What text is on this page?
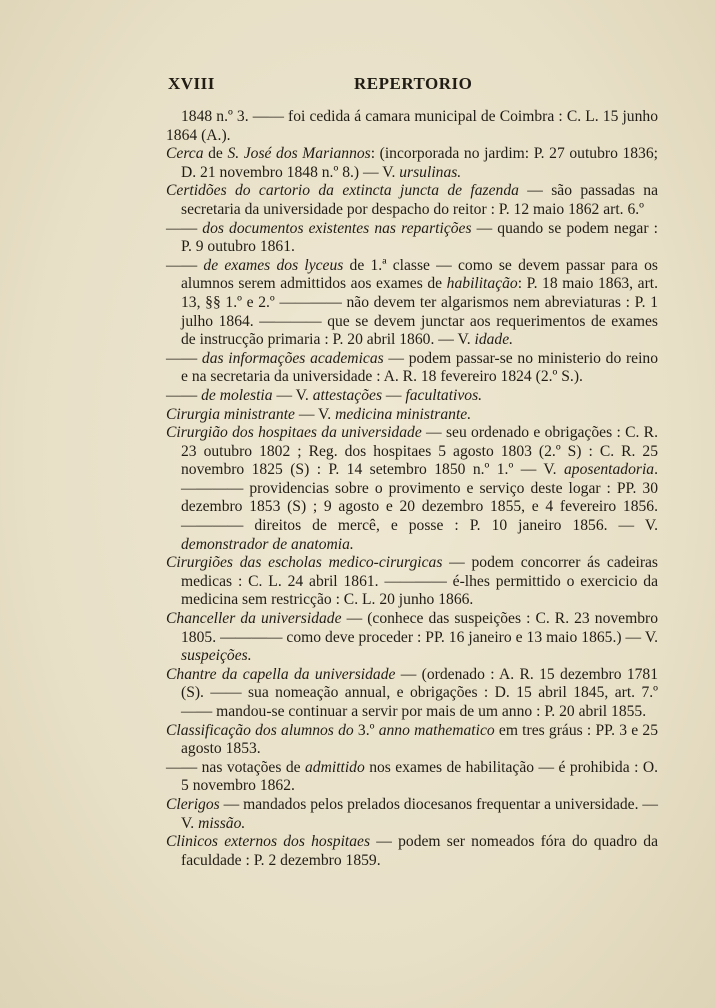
XVIII	REPERTORIO

1848 n.º 3. —— foi cedida á camara municipal de Coimbra : C. L. 15 junho 1864 (A.).

Cerca de S. José dos Mariannos: (incorporada no jardim: P. 27 outubro 1836; D. 21 novembro 1848 n.º 8.) — V. ursulinas.

Certidões do cartorio da extincta juncta de fazenda — são passadas na secretaria da universidade por despacho do reitor : P. 12 maio 1862 art. 6.º

—— dos documentos existentes nas repartições — quando se podem negar : P. 9 outubro 1861.

—— de exames dos lyceus de 1.ª classe — como se devem passar para os alumnos serem admittidos aos exames de habilitação: P. 18 maio 1863, art. 13, §§ 1.º e 2.º ———— não devem ter algarismos nem abreviaturas : P. 1 julho 1864. ———— que se devem junctar aos requerimentos de exames de instrucção primaria : P. 20 abril 1860. — V. idade.

—— das informações academicas — podem passar-se no ministerio do reino e na secretaria da universidade : A. R. 18 fevereiro 1824 (2.º S.).

—— de molestia — V. attestações — facultativos.

Cirurgia ministrante — V. medicina ministrante.

Cirurgião dos hospitaes da universidade — seu ordenado e obrigações : C. R. 23 outubro 1802 ; Reg. dos hospitaes 5 agosto 1803 (2.º S) : C. R. 25 novembro 1825 (S) : P. 14 setembro 1850 n.º 1.º — V. aposentadoria. ———— providencias sobre o provimento e serviço deste logar : PP. 30 dezembro 1853 (S) ; 9 agosto e 20 dezembro 1855, e 4 fevereiro 1856. ———— direitos de mercê, e posse : P. 10 janeiro 1856. — V. demonstrador de anatomia.

Cirurgiões das escholas medico-cirurgicas — podem concorrer ás cadeiras medicas : C. L. 24 abril 1861. ———— é-lhes permittido o exercicio da medicina sem restricção : C. L. 20 junho 1866.

Chanceller da universidade — (conhece das suspeições : C. R. 23 novembro 1805. ———— como deve proceder : PP. 16 janeiro e 13 maio 1865.) — V. suspeições.

Chantre da capella da universidade — (ordenado : A. R. 15 dezembro 1781 (S). —— sua nomeação annual, e obrigações : D. 15 abril 1845, art. 7.º —— mandou-se continuar a servir por mais de um anno : P. 20 abril 1855.

Classificação dos alumnos do 3.º anno mathematico em tres gráus : PP. 3 e 25 agosto 1853.

—— nas votações de admittido nos exames de habilitação — é prohibida : O. 5 novembro 1862.

Clerigos — mandados pelos prelados diocesanos frequentar a universidade. — V. missão.

Clinicos externos dos hospitaes — podem ser nomeados fóra do quadro da faculdade : P. 2 dezembro 1859.
